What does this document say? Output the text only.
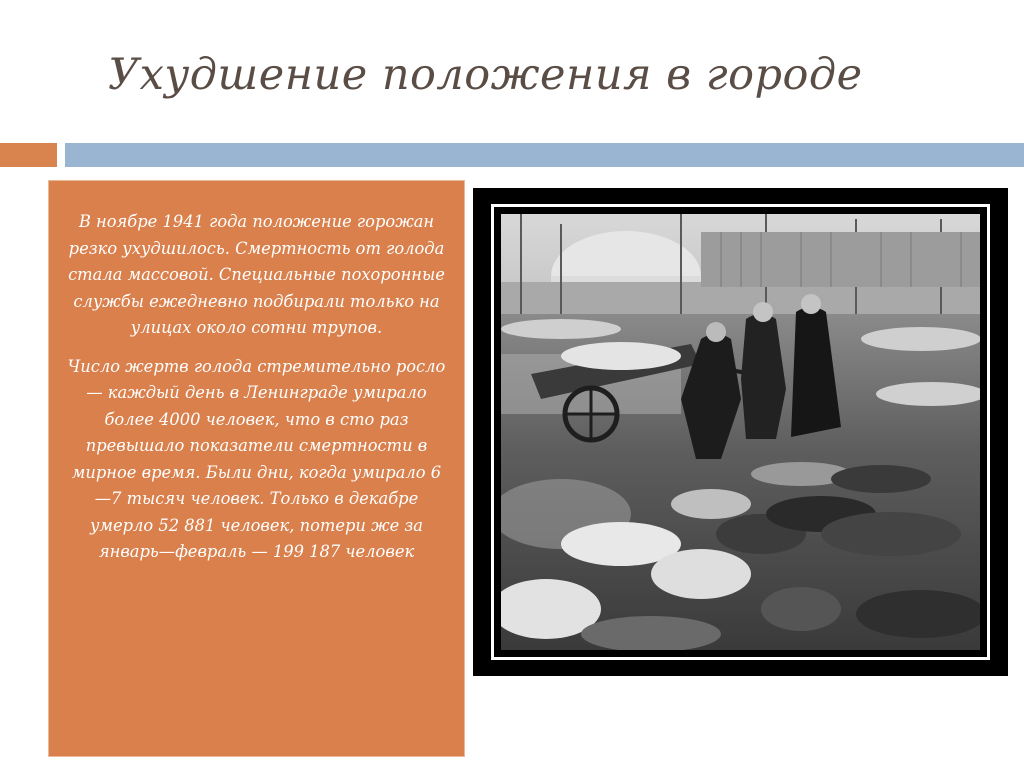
Ухудшение положения в городе

В ноябре 1941 года положение горожан резко ухудшилось. Смертность от голода стала массовой. Специальные похоронные службы ежедневно подбирали только на улицах около сотни трупов.

Число жертв голода стремительно росло — каждый день в Ленинграде умирало более 4000 человек, что в сто раз превышало показатели смертности в мирное время. Были дни, когда умирало 6—7 тысяч человек. Только в декабре умерло 52 881 человек, потери же за январь—февраль — 199 187 человек
